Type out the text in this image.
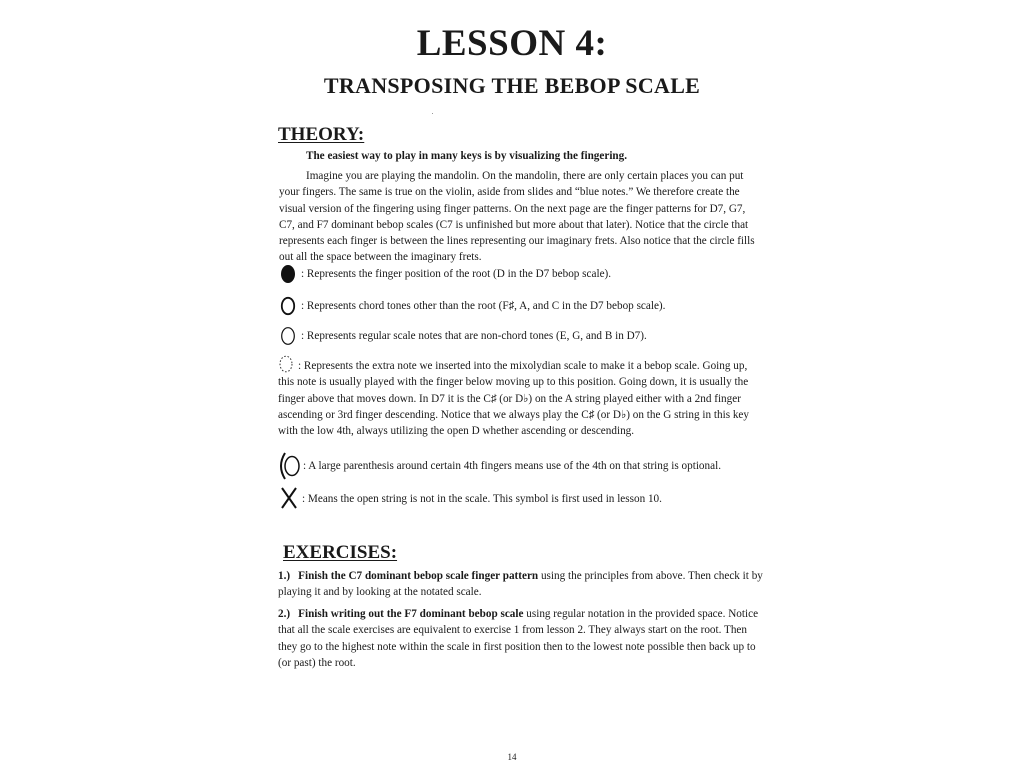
LESSON 4:
TRANSPOSING THE BEBOP SCALE
THEORY:

The easiest way to play in many keys is by visualizing the fingering.

Imagine you are playing the mandolin. On the mandolin, there are only certain places you can put your fingers. The same is true on the violin, aside from slides and “blue notes.” We therefore create the visual version of the fingering using finger patterns. On the next page are the finger patterns for D7, G7, C7, and F7 dominant bebop scales (C7 is unfinished but more about that later). Notice that the circle that represents each finger is between the lines representing our imaginary frets. Also notice that the circle fills out all the space between the imaginary frets.

: Represents the finger position of the root (D in the D7 bebop scale).
: Represents chord tones other than the root (F♯, A, and C in the D7 bebop scale).
: Represents regular scale notes that are non-chord tones (E, G, and B in D7).
: Represents the extra note we inserted into the mixolydian scale to make it a bebop scale. Going up, this note is usually played with the finger below moving up to this position. Going down, it is usually the finger above that moves down. In D7 it is the C♯ (or D♭) on the A string played either with a 2nd finger ascending or 3rd finger descending. Notice that we always play the C♯ (or D♭) on the G string in this key with the low 4th, always utilizing the open D whether ascending or descending.
: A large parenthesis around certain 4th fingers means use of the 4th on that string is optional.
: Means the open string is not in the scale. This symbol is first used in lesson 10.
EXERCISES:

1.) Finish the C7 dominant bebop scale finger pattern using the principles from above. Then check it by playing it and by looking at the notated scale.

2.) Finish writing out the F7 dominant bebop scale using regular notation in the provided space. Notice that all the scale exercises are equivalent to exercise 1 from lesson 2. They always start on the root. Then they go to the highest note within the scale in first position then to the lowest note possible then back up to (or past) the root.

14
